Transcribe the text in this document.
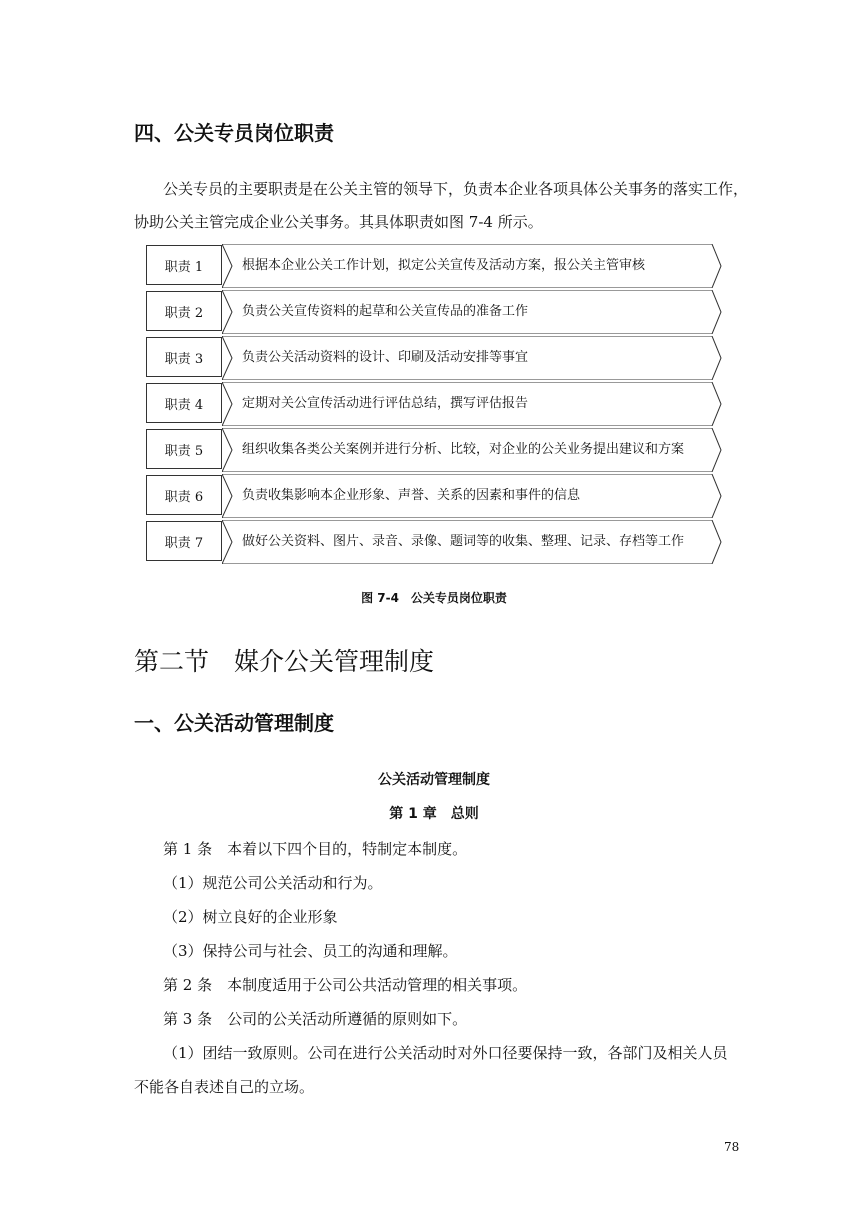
四、公关专员岗位职责
公关专员的主要职责是在公关主管的领导下，负责本企业各项具体公关事务的落实工作，
协助公关主管完成企业公关事务。其具体职责如图 7-4 所示。
职责 1	根据本企业公关工作计划，拟定公关宣传及活动方案，报公关主管审核
职责 2	负责公关宣传资料的起草和公关宣传品的准备工作
职责 3	负责公关活动资料的设计、印刷及活动安排等事宜
职责 4	定期对关公宣传活动进行评估总结，撰写评估报告
职责 5	组织收集各类公关案例并进行分析、比较，对企业的公关业务提出建议和方案
职责 6	负责收集影响本企业形象、声誉、关系的因素和事件的信息
职责 7	做好公关资料、图片、录音、录像、题词等的收集、整理、记录、存档等工作
图 7-4　公关专员岗位职责
第二节　媒介公关管理制度
一、公关活动管理制度
公关活动管理制度
第 1 章　总则
第 1 条　本着以下四个目的，特制定本制度。
（1）规范公司公关活动和行为。
（2）树立良好的企业形象
（3）保持公司与社会、员工的沟通和理解。
第 2 条　本制度适用于公司公共活动管理的相关事项。
第 3 条　公司的公关活动所遵循的原则如下。
（1）团结一致原则。公司在进行公关活动时对外口径要保持一致，各部门及相关人员
不能各自表述自己的立场。
78
